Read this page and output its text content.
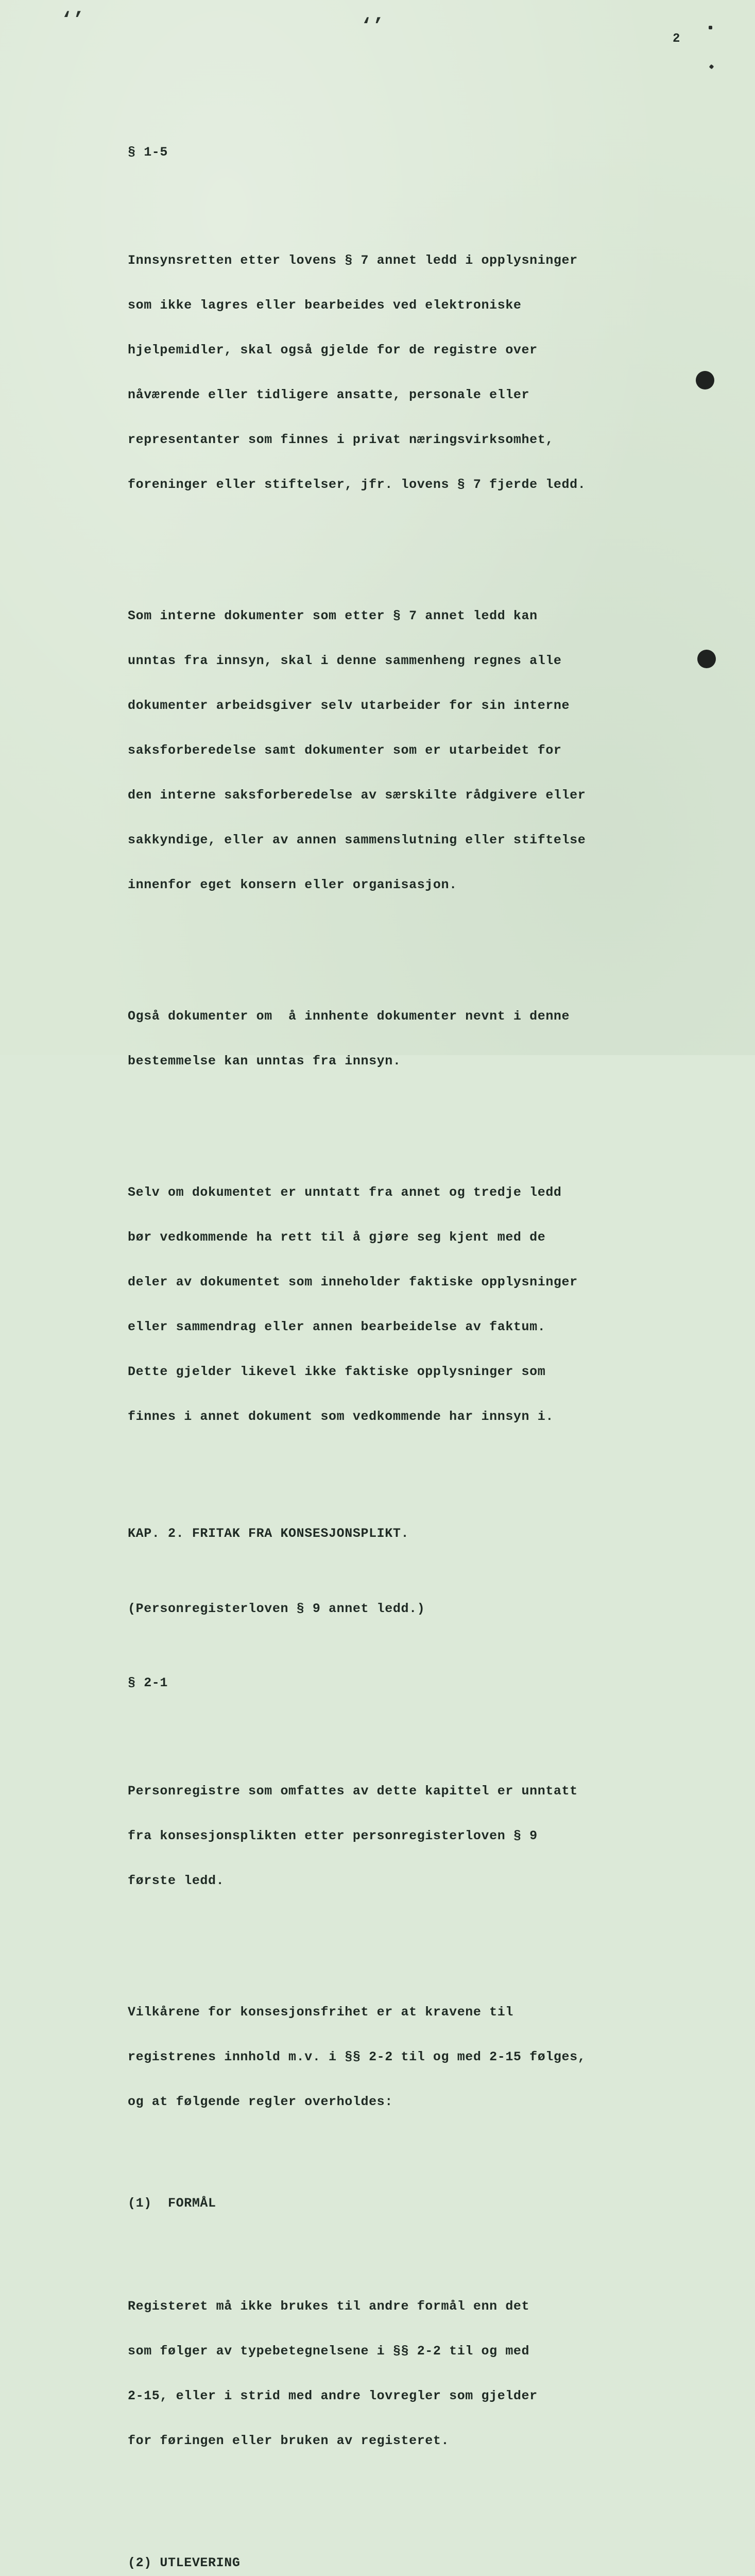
‘’	‘’
2

§ 1-5

Innsynsretten etter lovens § 7 annet ledd i opplysninger

som ikke lagres eller bearbeides ved elektroniske

hjelpemidler, skal også gjelde for de registre over

nåværende eller tidligere ansatte, personale eller

representanter som finnes i privat næringsvirksomhet,

foreninger eller stiftelser, jfr. lovens § 7 fjerde ledd.

Som interne dokumenter som etter § 7 annet ledd kan

unntas fra innsyn, skal i denne sammenheng regnes alle

dokumenter arbeidsgiver selv utarbeider for sin interne

saksforberedelse samt dokumenter som er utarbeidet for

den interne saksforberedelse av særskilte rådgivere eller

sakkyndige, eller av annen sammenslutning eller stiftelse

innenfor eget konsern eller organisasjon.

Også dokumenter om  å innhente dokumenter nevnt i denne

bestemmelse kan unntas fra innsyn.

Selv om dokumentet er unntatt fra annet og tredje ledd

bør vedkommende ha rett til å gjøre seg kjent med de

deler av dokumentet som inneholder faktiske opplysninger

eller sammendrag eller annen bearbeidelse av faktum.

Dette gjelder likevel ikke faktiske opplysninger som

finnes i annet dokument som vedkommende har innsyn i.

KAP. 2. FRITAK FRA KONSESJONSPLIKT.

(Personregisterloven § 9 annet ledd.)

§ 2-1

Personregistre som omfattes av dette kapittel er unntatt

fra konsesjonsplikten etter personregisterloven § 9

første ledd.

Vilkårene for konsesjonsfrihet er at kravene til

registrenes innhold m.v. i §§ 2-2 til og med 2-15 følges,

og at følgende regler overholdes:

(1)  FORMÅL

Registeret må ikke brukes til andre formål enn det

som følger av typebetegnelsene i §§ 2-2 til og med

2-15, eller i strid med andre lovregler som gjelder

for føringen eller bruken av registeret.

(2) UTLEVERING
